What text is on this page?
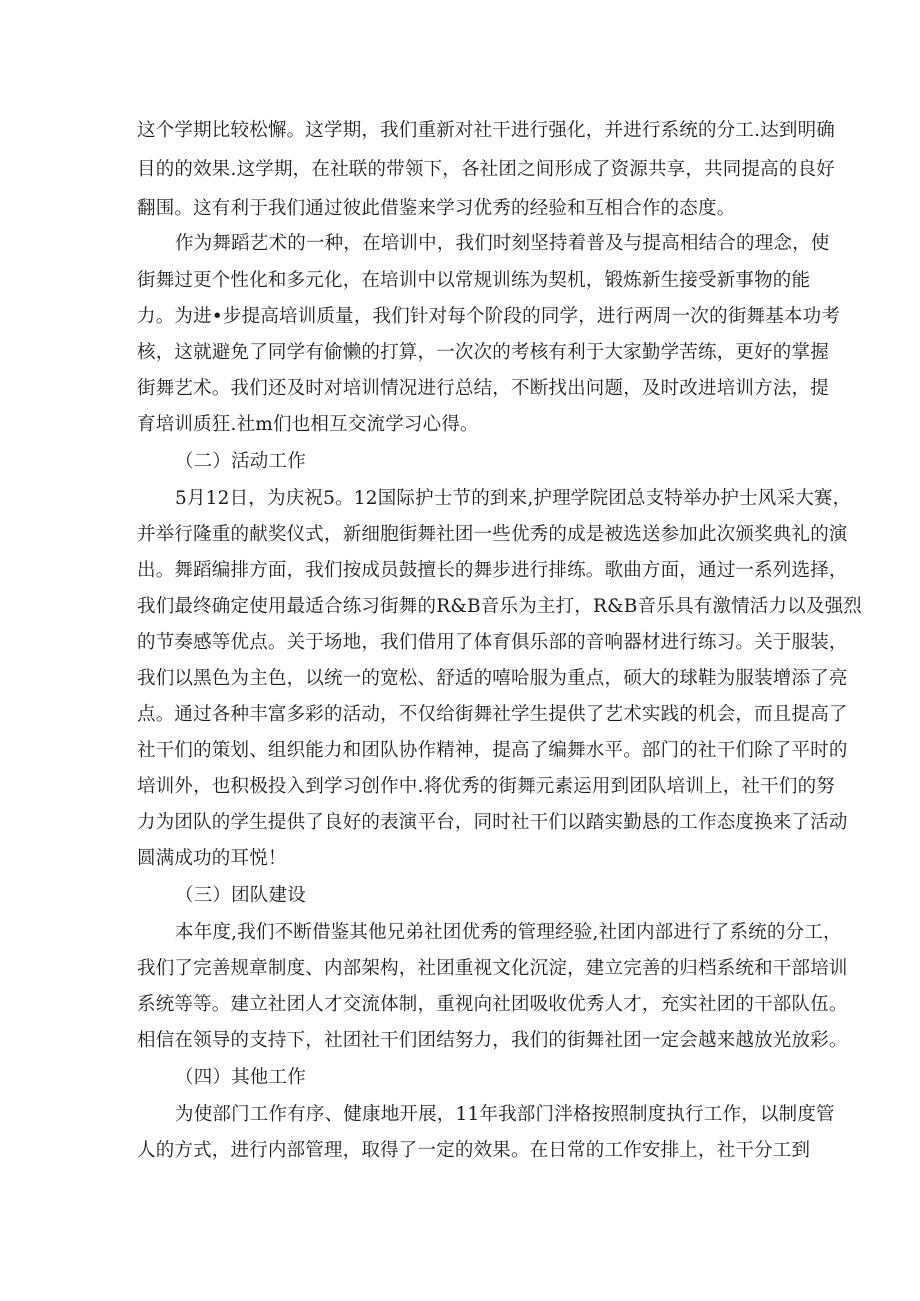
这个学期比较松懈。这学期，我们重新对社干进行强化，并进行系统的分工.达到明确
目的的效果.这学期，在社联的带领下，各社团之间形成了资源共享，共同提高的良好
翻围。这有利于我们通过彼此借鉴来学习优秀的经验和互相合作的态度。
作为舞蹈艺术的一种，在培训中，我们时刻坚持着普及与提高相结合的理念，使
街舞过更个性化和多元化，在培训中以常规训练为契机，锻炼新生接受新事物的能
力。为进•步提高培训质量，我们针对每个阶段的同学，进行两周一次的街舞基本功考
核，这就避免了同学有偷懒的打算，一次次的考核有利于大家勤学苦练，更好的掌握
街舞艺术。我们还及时对培训情况进行总结，不断找出问题，及时改进培训方法，提
育培训质狂.社m们也相互交流学习心得。
（二）活动工作
5月12日，为庆祝5。12国际护士节的到来,护理学院团总支特举办护士风采大赛，
并举行隆重的献奖仪式，新细胞街舞社团一些优秀的成是被选送参加此次颁奖典礼的演
出。舞蹈编排方面，我们按成员鼓擅长的舞步进行排练。歌曲方面，通过一系列选择，
我们最终确定使用最适合练习街舞的R&B音乐为主打，R&B音乐具有激情活力以及强烈
的节奏感等优点。关于场地，我们借用了体育俱乐部的音响器材进行练习。关于服装，
我们以黑色为主色，以统一的宽松、舒适的嘻哈服为重点，硕大的球鞋为服装增添了亮
点。通过各种丰富多彩的活动，不仅给街舞社学生提供了艺术实践的机会，而且提高了
社干们的策划、组织能力和团队协作精神，提高了编舞水平。部门的社干们除了平时的
培训外，也积极投入到学习创作中.将优秀的街舞元素运用到团队培训上，社干们的努
力为团队的学生提供了良好的表演平台，同时社干们以踏实勤恳的工作态度换来了活动
圆满成功的耳悦！
（三）团队建设
本年度,我们不断借鉴其他兄弟社团优秀的管理经验,社团内部进行了系统的分工，
我们了完善规章制度、内部架构，社团重视文化沉淀，建立完善的归档系统和干部培训
系统等等。建立社团人才交流体制，重视向社团吸收优秀人才，充实社团的干部队伍。
相信在领导的支持下，社团社干们团结努力，我们的街舞社团一定会越来越放光放彩。
（四）其他工作
为使部门工作有序、健康地开展，11年我部门泮格按照制度执行工作，以制度管
人的方式，进行内部管理，取得了一定的效果。在日常的工作安排上，社干分工到
